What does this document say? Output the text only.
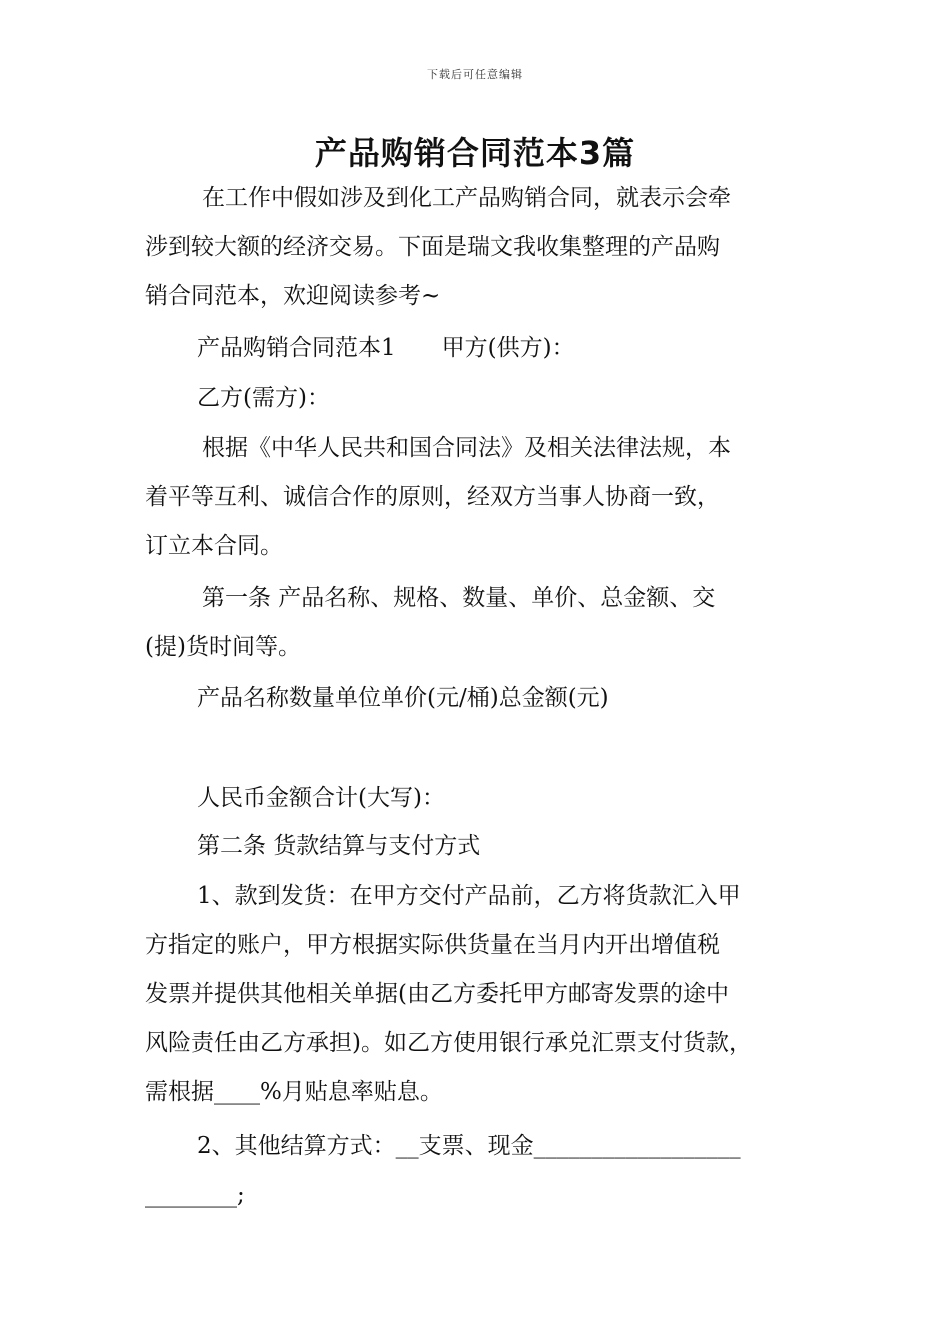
下载后可任意编辑
产品购销合同范本3篇
在工作中假如涉及到化工产品购销合同，就表示会牵
涉到较大额的经济交易。下面是瑞文我收集整理的产品购
销合同范本，欢迎阅读参考~
产品购销合同范本1　　甲方(供方)：
乙方(需方)：
根据《中华人民共和国合同法》及相关法律法规，本
着平等互利、诚信合作的原则，经双方当事人协商一致，
订立本合同。
第一条 产品名称、规格、数量、单价、总金额、交
(提)货时间等。
产品名称数量单位单价(元/桶)总金额(元)
人民币金额合计(大写)：
第二条 货款结算与支付方式
1、款到发货：在甲方交付产品前，乙方将货款汇入甲
方指定的账户，甲方根据实际供货量在当月内开出增值税
发票并提供其他相关单据(由乙方委托甲方邮寄发票的途中
风险责任由乙方承担)。如乙方使用银行承兑汇票支付货款，
需根据____%月贴息率贴息。
2、其他结算方式：__支票、现金__________________
________;
